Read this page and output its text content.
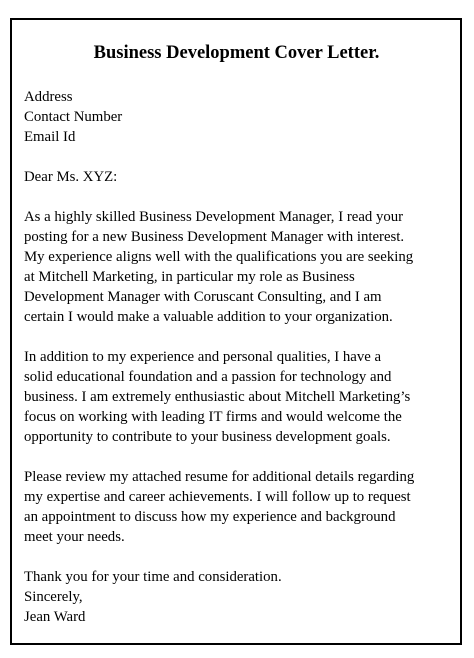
Business Development Cover Letter.
Address
Contact Number
Email Id
Dear Ms. XYZ:
As a highly skilled Business Development Manager, I read your
posting for a new Business Development Manager with interest.
My experience aligns well with the qualifications you are seeking
at Mitchell Marketing, in particular my role as Business
Development Manager with Coruscant Consulting, and I am
certain I would make a valuable addition to your organization.
In addition to my experience and personal qualities, I have a
solid educational foundation and a passion for technology and
business. I am extremely enthusiastic about Mitchell Marketing’s
focus on working with leading IT firms and would welcome the
opportunity to contribute to your business development goals.
Please review my attached resume for additional details regarding
my expertise and career achievements. I will follow up to request
an appointment to discuss how my experience and background
meet your needs.
Thank you for your time and consideration.
Sincerely,
Jean Ward
